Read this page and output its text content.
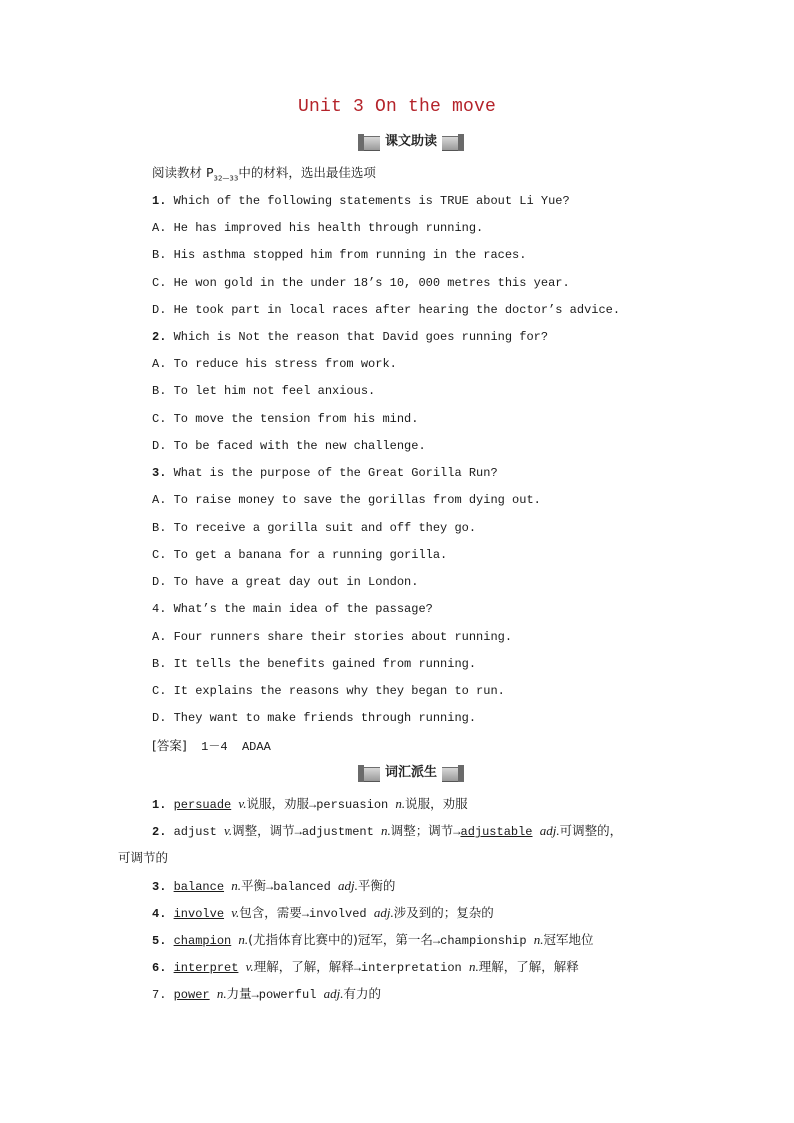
Unit 3 On the move
课文助读
阅读教材 $P_{32—33}$中的材料，选出最佳选项
1. Which of the following statements is TRUE about Li Yue?
A. He has improved his health through running.
B. His asthma stopped him from running in the races.
C. He won gold in the under 18’s 10, 000 metres this year.
D. He took part in local races after hearing the doctor’s advice.
2. Which is Not the reason that David goes running for?
A. To reduce his stress from work.
B. To let him not feel anxious.
C. To move the tension from his mind.
D. To be faced with the new challenge.
3. What is the purpose of the Great Gorilla Run?
A. To raise money to save the gorillas from dying out.
B. To receive a gorilla suit and off they go.
C. To get a banana for a running gorilla.
D. To have a great day out in London.
4. What’s the main idea of the passage?
A. Four runners share their stories about running.
B. It tells the benefits gained from running.
C. It explains the reasons why they began to run.
D. They want to make friends through running.
[答案] 1－4 ADAA
词汇派生
1. persuade v.说服，劝服→persuasion n.说服，劝服
2. adjust v.调整，调节→adjustment n.调整；调节→adjustable adj.可调整的，
可调节的
3. balance n.平衡→balanced adj.平衡的
4. involve v.包含，需要→involved adj.涉及到的；复杂的
5. champion n.(尤指体育比赛中的)冠军，第一名→championship n.冠军地位
6. interpret v.理解，了解，解释→interpretation n.理解，了解，解释
7. power n.力量→powerful adj.有力的
